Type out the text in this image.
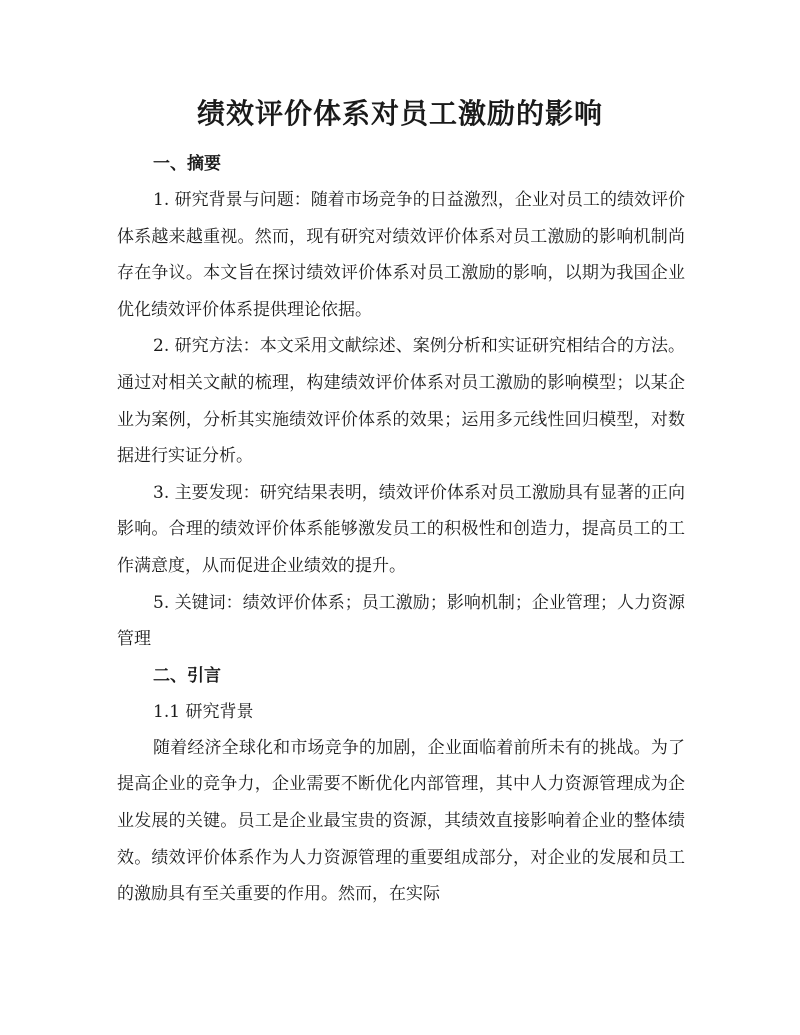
绩效评价体系对员工激励的影响

一、摘要

1. 研究背景与问题：随着市场竞争的日益激烈，企业对员工的绩效评价体系越来越重视。然而，现有研究对绩效评价体系对员工激励的影响机制尚存在争议。本文旨在探讨绩效评价体系对员工激励的影响，以期为我国企业优化绩效评价体系提供理论依据。

2. 研究方法：本文采用文献综述、案例分析和实证研究相结合的方法。通过对相关文献的梳理，构建绩效评价体系对员工激励的影响模型；以某企业为案例，分析其实施绩效评价体系的效果；运用多元线性回归模型，对数据进行实证分析。

3. 主要发现：研究结果表明，绩效评价体系对员工激励具有显著的正向影响。合理的绩效评价体系能够激发员工的积极性和创造力，提高员工的工作满意度，从而促进企业绩效的提升。

5. 关键词：绩效评价体系；员工激励；影响机制；企业管理；人力资源管理

二、引言

1.1 研究背景

随着经济全球化和市场竞争的加剧，企业面临着前所未有的挑战。为了提高企业的竞争力，企业需要不断优化内部管理，其中人力资源管理成为企业发展的关键。员工是企业最宝贵的资源，其绩效直接影响着企业的整体绩效。绩效评价体系作为人力资源管理的重要组成部分，对企业的发展和员工的激励具有至关重要的作用。然而，在实际
